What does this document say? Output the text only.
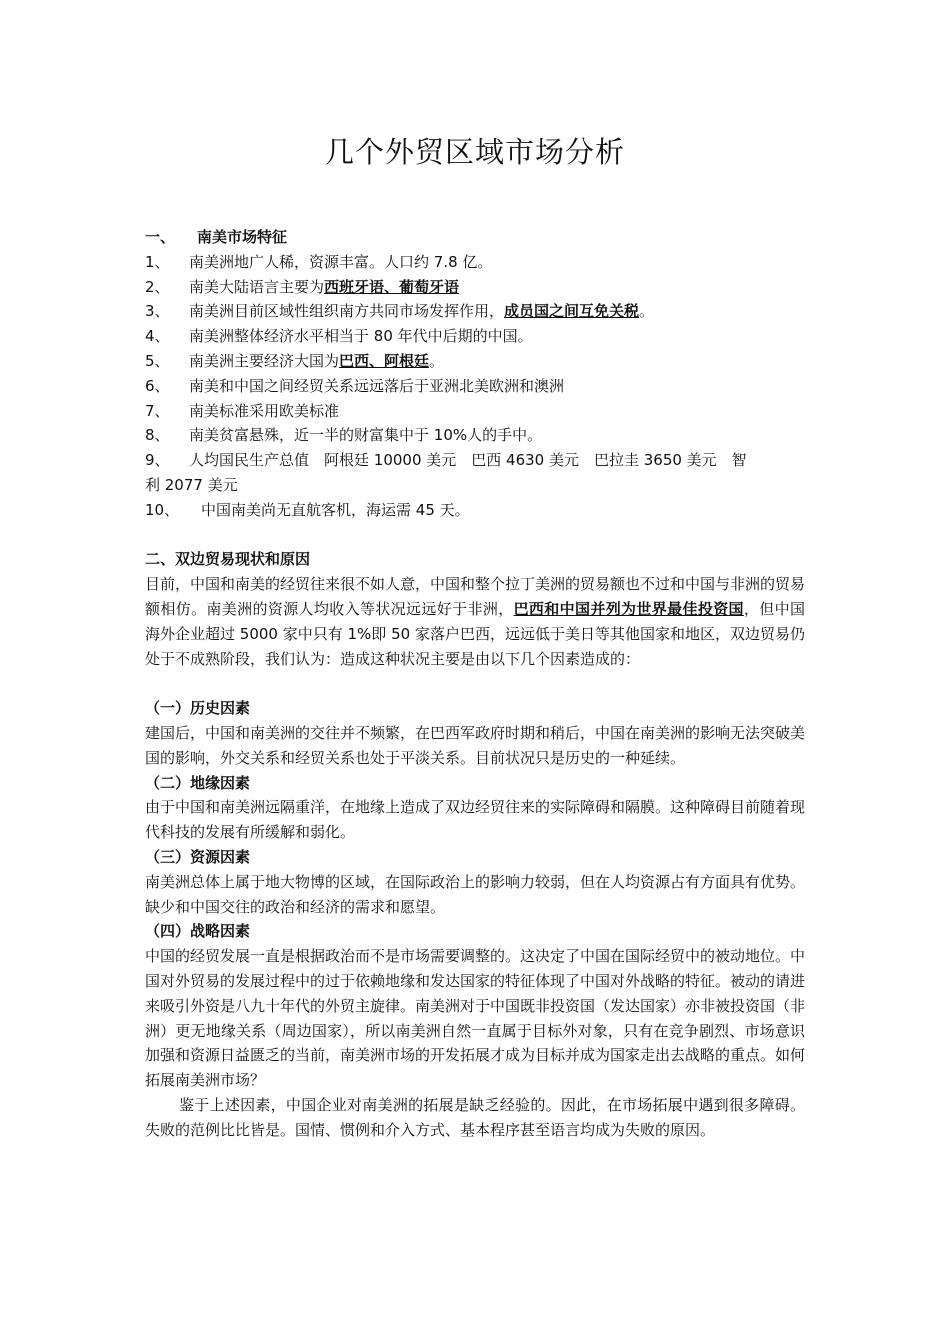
几个外贸区域市场分析
一、 南美市场特征
1、 南美洲地广人稀，资源丰富。人口约 7.8 亿。
2、 南美大陆语言主要为西班牙语、葡萄牙语
3、 南美洲目前区域性组织南方共同市场发挥作用，成员国之间互免关税。
4、 南美洲整体经济水平相当于 80 年代中后期的中国。
5、 南美洲主要经济大国为巴西、阿根廷。
6、 南美和中国之间经贸关系远远落后于亚洲北美欧洲和澳洲
7、 南美标准采用欧美标准
8、 南美贫富悬殊，近一半的财富集中于 10%人的手中。
9、 人均国民生产总值　阿根廷 10000 美元　巴西 4630 美元　巴拉圭 3650 美元　智
利 2077 美元
10、 中国南美尚无直航客机，海运需 45 天。
二、双边贸易现状和原因
目前，中国和南美的经贸往来很不如人意，中国和整个拉丁美洲的贸易额也不过和中国与非洲的贸易额相仿。南美洲的资源人均收入等状况远远好于非洲，巴西和中国并列为世界最佳投资国，但中国海外企业超过 5000 家中只有 1%即 50 家落户巴西，远远低于美日等其他国家和地区，双边贸易仍处于不成熟阶段，我们认为：造成这种状况主要是由以下几个因素造成的：
（一）历史因素
建国后，中国和南美洲的交往并不频繁，在巴西军政府时期和稍后，中国在南美洲的影响无法突破美国的影响，外交关系和经贸关系也处于平淡关系。目前状况只是历史的一种延续。
（二）地缘因素
由于中国和南美洲远隔重洋，在地缘上造成了双边经贸往来的实际障碍和隔膜。这种障碍目前随着现代科技的发展有所缓解和弱化。
（三）资源因素
南美洲总体上属于地大物博的区域，在国际政治上的影响力较弱，但在人均资源占有方面具有优势。缺少和中国交往的政治和经济的需求和愿望。
（四）战略因素
中国的经贸发展一直是根据政治而不是市场需要调整的。这决定了中国在国际经贸中的被动地位。中国对外贸易的发展过程中的过于依赖地缘和发达国家的特征体现了中国对外战略的特征。被动的请进来吸引外资是八九十年代的外贸主旋律。南美洲对于中国既非投资国（发达国家）亦非被投资国（非洲）更无地缘关系（周边国家），所以南美洲自然一直属于目标外对象，只有在竞争剧烈、市场意识加强和资源日益匮乏的当前，南美洲市场的开发拓展才成为目标并成为国家走出去战略的重点。如何拓展南美洲市场？
鉴于上述因素，中国企业对南美洲的拓展是缺乏经验的。因此，在市场拓展中遇到很多障碍。失败的范例比比皆是。国情、惯例和介入方式、基本程序甚至语言均成为失败的原因。
